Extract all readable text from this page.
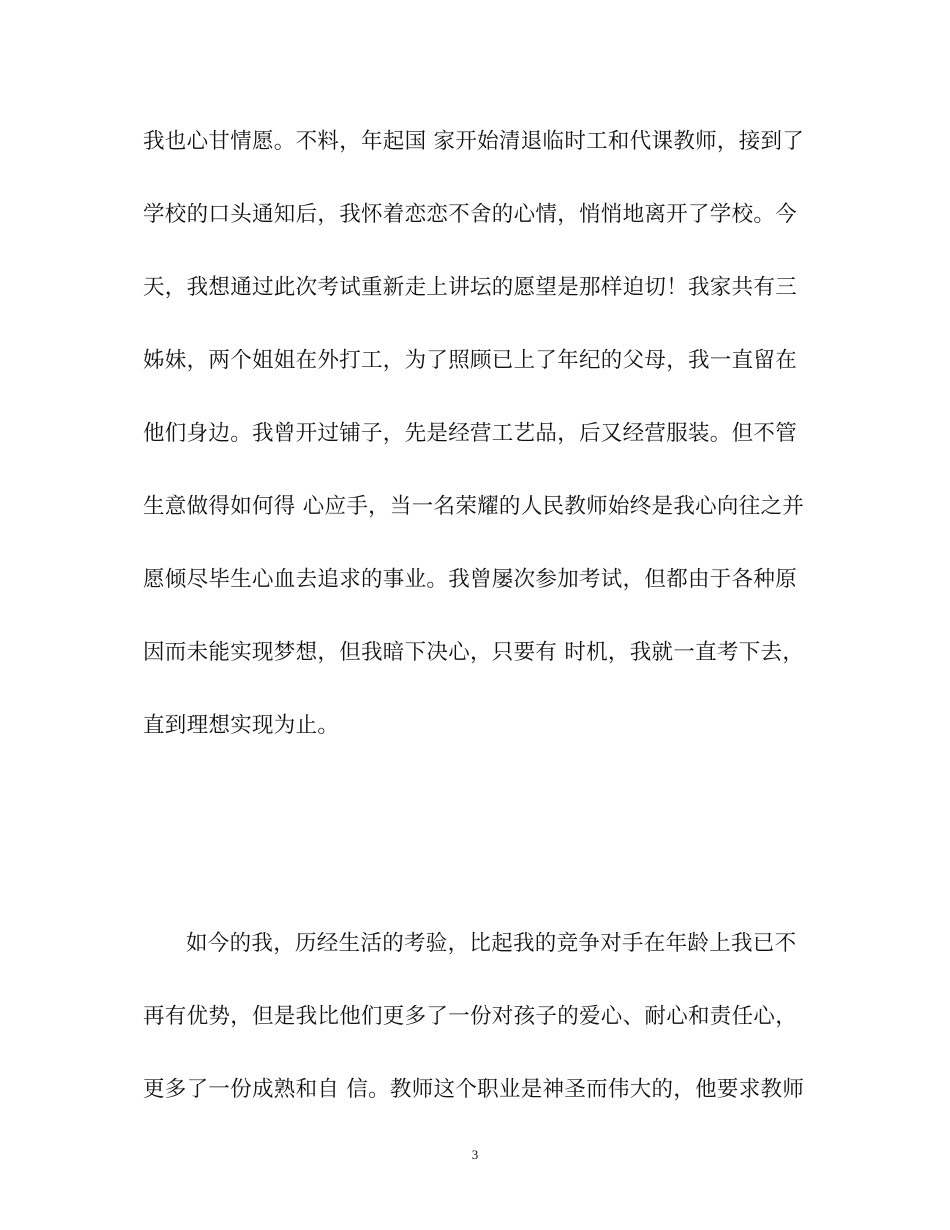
我也心甘情愿。不料，年起国 家开始清退临时工和代课教师，接到了
学校的口头通知后，我怀着恋恋不舍的心情，悄悄地离开了学校。今
天，我想通过此次考试重新走上讲坛的愿望是那样迫切！我家共有三
姊妹，两个姐姐在外打工，为了照顾已上了年纪的父母，我一直留在
他们身边。我曾开过铺子，先是经营工艺品，后又经营服装。但不管
生意做得如何得 心应手，当一名荣耀的人民教师始终是我心向往之并
愿倾尽毕生心血去追求的事业。我曾屡次参加考试，但都由于各种原
因而未能实现梦想，但我暗下决心，只要有 时机，我就一直考下去，
直到理想实现为止。
如今的我，历经生活的考验，比起我的竞争对手在年龄上我已不
再有优势，但是我比他们更多了一份对孩子的爱心、耐心和责任心，
更多了一份成熟和自 信。教师这个职业是神圣而伟大的，他要求教师
3
